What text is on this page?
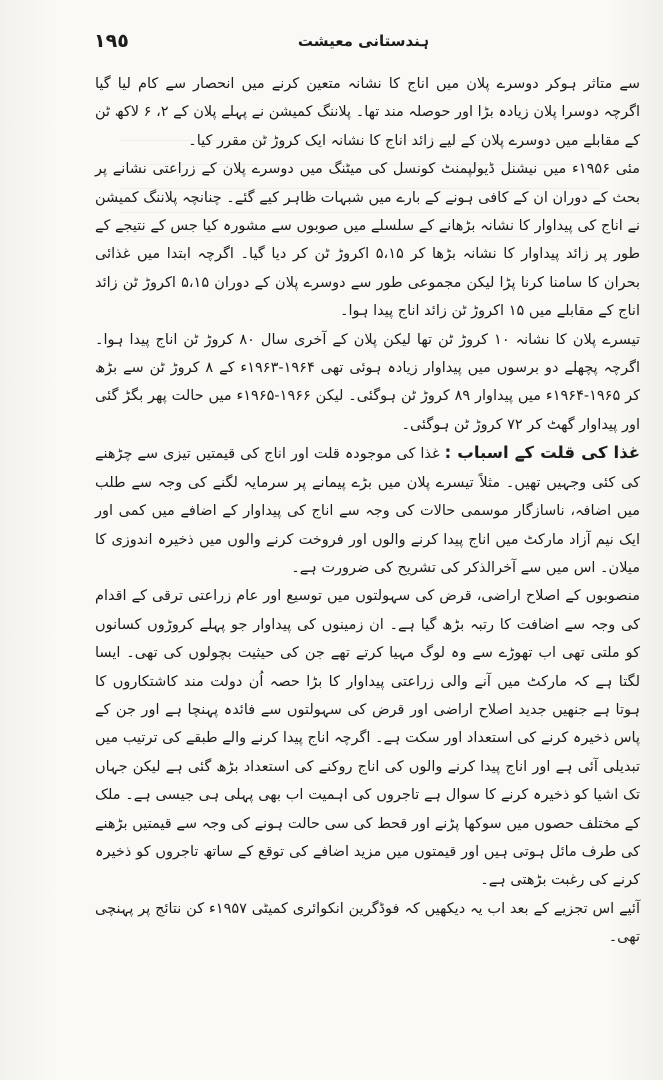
١٩٥	ہندستانی معیشت

سے متاثر ہوکر دوسرے پلان میں اناج کا نشانہ متعین کرنے میں انحصار سے کام لیا گیا اگرچہ دوسرا پلان زیادہ بڑا اور حوصلہ مند تھا۔ پلاننگ کمیشن نے پہلے پلان کے ۲، ۶ لاکھ ٹن کے مقابلے میں دوسرے پلان کے لیے زائد اناج کا نشانہ ایک کروڑ ٹن مقرر کیا۔

مئی ۱۹۵۶ء میں نیشنل ڈیولپمنٹ کونسل کی میٹنگ میں دوسرے پلان کے زراعتی نشانے پر بحث کے دوران ان کے کافی ہونے کے بارے میں شبہات ظاہر کیے گئے۔ چنانچہ پلاننگ کمیشن نے اناج کی پیداوار کا نشانہ بڑھانے کے سلسلے میں صوبوں سے مشورہ کیا جس کے نتیجے کے طور پر زائد پیداوار کا نشانہ بڑھا کر ۵،۱۵ اکروڑ ٹن کر دیا گیا۔ اگرچہ ابتدا میں غذائی بحران کا سامنا کرنا پڑا لیکن مجموعی طور سے دوسرے پلان کے دوران ۵،۱۵ اکروڑ ٹن زائد اناج کے مقابلے میں ۱۵ اکروڑ ٹن زائد اناج پیدا ہوا۔

تیسرے پلان کا نشانہ ۱۰ کروڑ ٹن تھا لیکن پلان کے آخری سال ۸۰ کروڑ ٹن اناج پیدا ہوا۔ اگرچہ پچھلے دو برسوں میں پیداوار زیادہ ہوئی تھی ۱۹۶۴-۱۹۶۳ء کے ۸ کروڑ ٹن سے بڑھ کر ۱۹۶۵-۱۹۶۴ء میں پیداوار ۸۹ کروڑ ٹن ہوگئی۔ لیکن ۱۹۶۶-۱۹۶۵ء میں حالت پھر بگڑ گئی اور پیداوار گھٹ کر ۷۲ کروڑ ٹن ہوگئی۔

غذا کی قلت کے اسباب : غذا کی موجودہ قلت اور اناج کی قیمتیں تیزی سے چڑھنے کی کئی وجہیں تھیں۔ مثلاً تیسرے پلان میں بڑے پیمانے پر سرمایہ لگنے کی وجہ سے طلب میں اضافہ، ناسازگار موسمی حالات کی وجہ سے اناج کی پیداوار کے اضافے میں کمی اور ایک نیم آزاد مارکٹ میں اناج پیدا کرنے والوں اور فروخت کرنے والوں میں ذخیرہ اندوزی کا میلان۔ اس میں سے آخرالذکر کی تشریح کی ضرورت ہے۔

منصوبوں کے اصلاح اراضی، قرض کی سہولتوں میں توسیع اور عام زراعتی ترقی کے اقدام کی وجہ سے اضافت کا رتبہ بڑھ گیا ہے۔ ان زمینوں کی پیداوار جو پہلے کروڑوں کسانوں کو ملتی تھی اب تھوڑے سے وہ لوگ مہیا کرتے تھے جن کی حیثیت بچولوں کی تھی۔ ایسا لگتا ہے کہ مارکٹ میں آنے والی زراعتی پیداوار کا بڑا حصہ اُن دولت مند کاشتکاروں کا ہوتا ہے جنھیں جدید اصلاح اراضی اور قرض کی سہولتوں سے فائدہ پہنچا ہے اور جن کے پاس ذخیرہ کرنے کی استعداد اور سکت ہے۔ اگرچہ اناج پیدا کرنے والے طبقے کی ترتیب میں تبدیلی آئی ہے اور اناج پیدا کرنے والوں کی اناج روکنے کی استعداد بڑھ گئی ہے لیکن جہاں تک اشیا کو ذخیرہ کرنے کا سوال ہے تاجروں کی اہمیت اب بھی پہلی ہی جیسی ہے۔ ملک کے مختلف حصوں میں سوکھا پڑنے اور قحط کی سی حالت ہونے کی وجہ سے قیمتیں بڑھنے کی طرف مائل ہوتی ہیں اور قیمتوں میں مزید اضافے کی توقع کے ساتھ تاجروں کو ذخیرہ کرنے کی رغبت بڑھتی ہے۔

آئیے اس تجزیے کے بعد اب یہ دیکھیں کہ فوڈگرین انکوائری کمیٹی ۱۹۵۷ء کن نتائج پر پہنچی تھی۔
